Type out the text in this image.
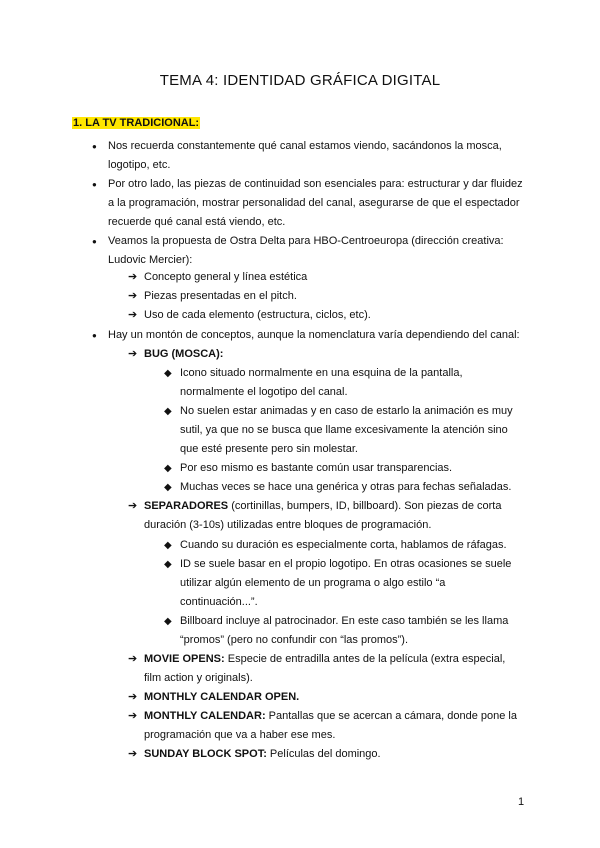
TEMA 4: IDENTIDAD GRÁFICA DIGITAL
1. LA TV TRADICIONAL:
● Nos recuerda constantemente qué canal estamos viendo, sacándonos la mosca, logotipo, etc.
● Por otro lado, las piezas de continuidad son esenciales para: estructurar y dar fluidez a la programación, mostrar personalidad del canal, asegurarse de que el espectador recuerde qué canal está viendo, etc.
● Veamos la propuesta de Ostra Delta para HBO-Centroeuropa (dirección creativa: Ludovic Mercier):
➔ Concepto general y línea estética
➔ Piezas presentadas en el pitch.
➔ Uso de cada elemento (estructura, ciclos, etc).
● Hay un montón de conceptos, aunque la nomenclatura varía dependiendo del canal:
➔ BUG (MOSCA):
◆ Icono situado normalmente en una esquina de la pantalla, normalmente el logotipo del canal.
◆ No suelen estar animadas y en caso de estarlo la animación es muy sutil, ya que no se busca que llame excesivamente la atención sino que esté presente pero sin molestar.
◆ Por eso mismo es bastante común usar transparencias.
◆ Muchas veces se hace una genérica y otras para fechas señaladas.
➔ SEPARADORES (cortinillas, bumpers, ID, billboard). Son piezas de corta duración (3-10s) utilizadas entre bloques de programación.
◆ Cuando su duración es especialmente corta, hablamos de ráfagas.
◆ ID se suele basar en el propio logotipo. En otras ocasiones se suele utilizar algún elemento de un programa o algo estilo “a continuación...”.
◆ Billboard incluye al patrocinador. En este caso también se les llama “promos” (pero no confundir con “las promos”).
➔ MOVIE OPENS: Especie de entradilla antes de la película (extra especial, film action y originals).
➔ MONTHLY CALENDAR OPEN.
➔ MONTHLY CALENDAR: Pantallas que se acercan a cámara, donde pone la programación que va a haber ese mes.
➔ SUNDAY BLOCK SPOT: Películas del domingo.
1
